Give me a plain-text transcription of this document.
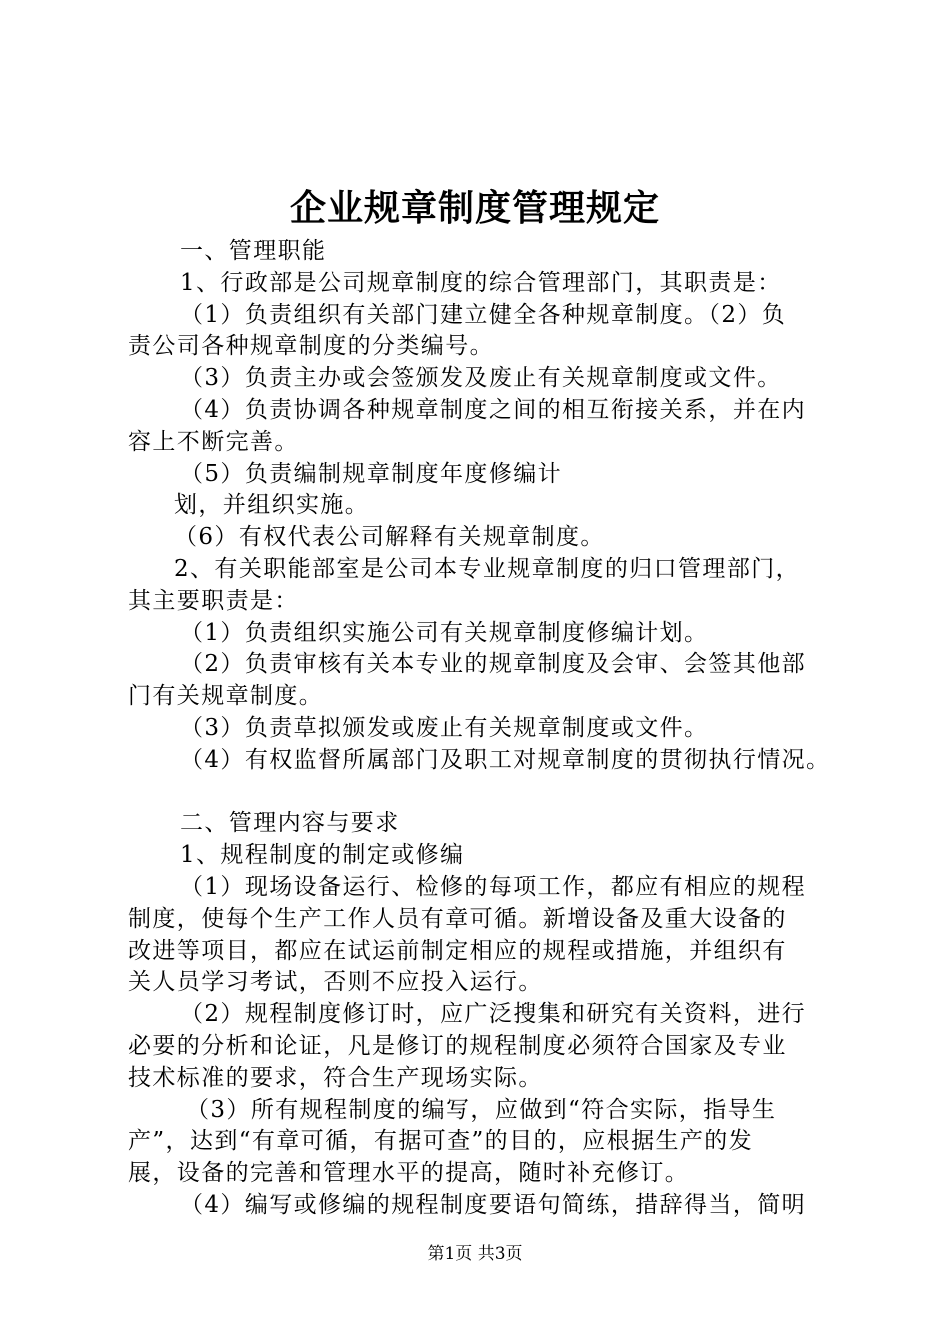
企业规章制度管理规定
一、管理职能
1、行政部是公司规章制度的综合管理部门，其职责是：
（1）负责组织有关部门建立健全各种规章制度。（2）负
责公司各种规章制度的分类编号。
（3）负责主办或会签颁发及废止有关规章制度或文件。
（4）负责协调各种规章制度之间的相互衔接关系，并在内
容上不断完善。
（5）负责编制规章制度年度修编计
划，并组织实施。
（6）有权代表公司解释有关规章制度。
2、有关职能部室是公司本专业规章制度的归口管理部门，
其主要职责是：
（1）负责组织实施公司有关规章制度修编计划。
（2）负责审核有关本专业的规章制度及会审、会签其他部
门有关规章制度。
（3）负责草拟颁发或废止有关规章制度或文件。
（4）有权监督所属部门及职工对规章制度的贯彻执行情况。
二、管理内容与要求
1、规程制度的制定或修编
（1）现场设备运行、检修的每项工作，都应有相应的规程
制度，使每个生产工作人员有章可循。新增设备及重大设备的
改进等项目，都应在试运前制定相应的规程或措施，并组织有
关人员学习考试，否则不应投入运行。
（2）规程制度修订时，应广泛搜集和研究有关资料，进行
必要的分析和论证，凡是修订的规程制度必须符合国家及专业
技术标准的要求，符合生产现场实际。
（3）所有规程制度的编写，应做到“符合实际，指导生
产”，达到“有章可循，有据可查”的目的，应根据生产的发
展，设备的完善和管理水平的提高，随时补充修订。
（4）编写或修编的规程制度要语句简练，措辞得当，简明
第1页 共3页
